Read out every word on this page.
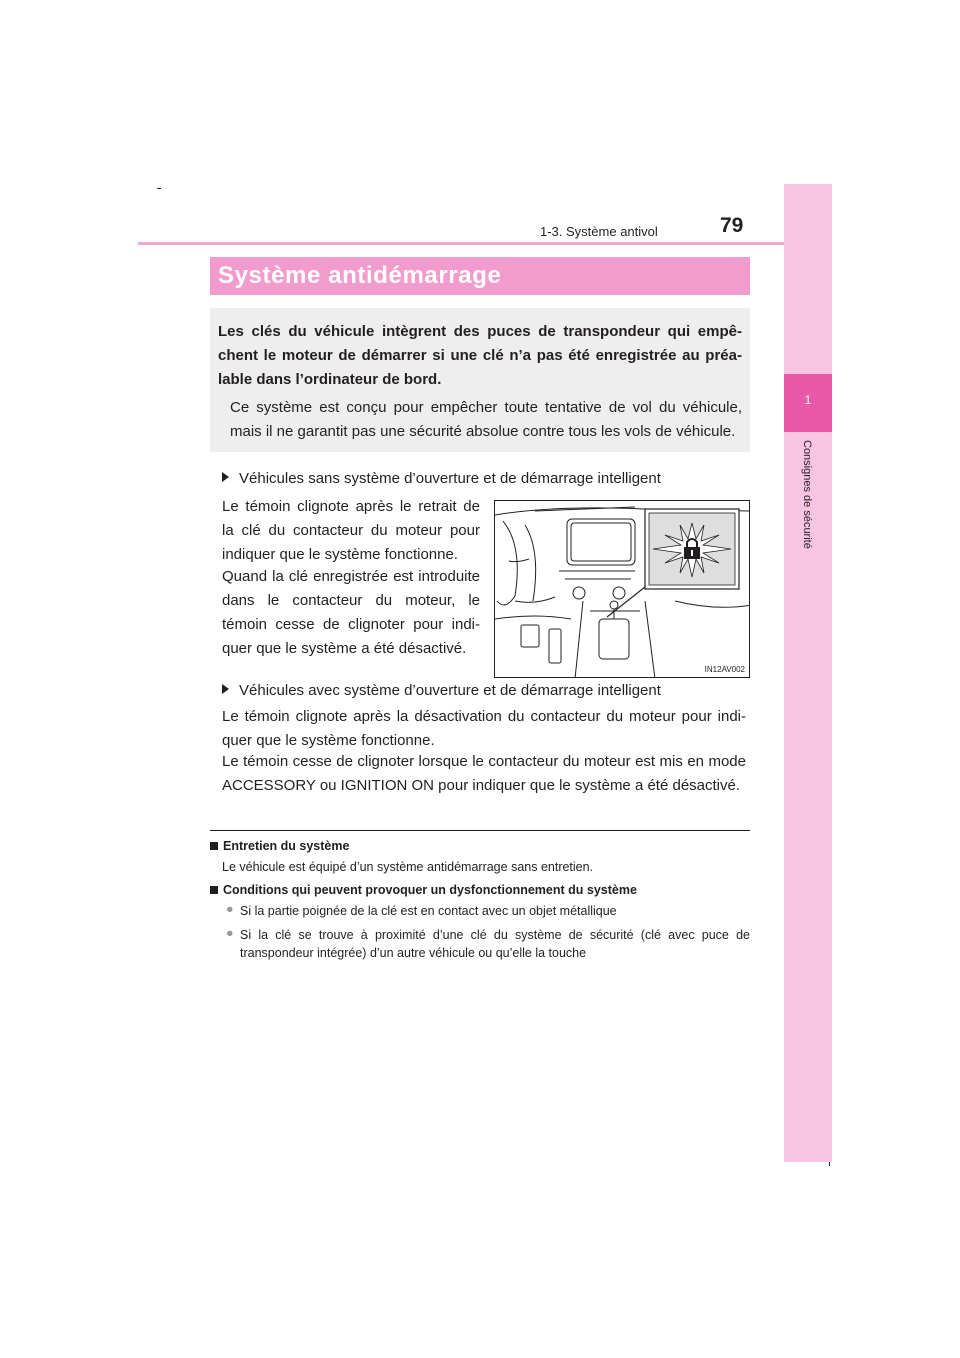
1-3. Système antivol	79
1
Consignes de sécurité
Système antidémarrage

Les clés du véhicule intègrent des puces de transpondeur qui empêchent le moteur de démarrer si une clé n’a pas été enregistrée au préalable dans l’ordinateur de bord.

Ce système est conçu pour empêcher toute tentative de vol du véhicule, mais il ne garantit pas une sécurité absolue contre tous les vols de véhicule.

Véhicules sans système d’ouverture et de démarrage intelligent

Le témoin clignote après le retrait de la clé du contacteur du moteur pour indiquer que le système fonctionne.

Quand la clé enregistrée est introduite dans le contacteur du moteur, le témoin cesse de clignoter pour indiquer que le système a été désactivé.

IN12AV002
Véhicules avec système d’ouverture et de démarrage intelligent

Le témoin clignote après la désactivation du contacteur du moteur pour indiquer que le système fonctionne.

Le témoin cesse de clignoter lorsque le contacteur du moteur est mis en mode ACCESSORY ou IGNITION ON pour indiquer que le système a été désactivé.

Entretien du système

Le véhicule est équipé d’un système antidémarrage sans entretien.

Conditions qui peuvent provoquer un dysfonctionnement du système
● Si la partie poignée de la clé est en contact avec un objet métallique

● Si la clé se trouve à proximité d’une clé du système de sécurité (clé avec puce de transpondeur intégrée) d’un autre véhicule ou qu’elle la touche
